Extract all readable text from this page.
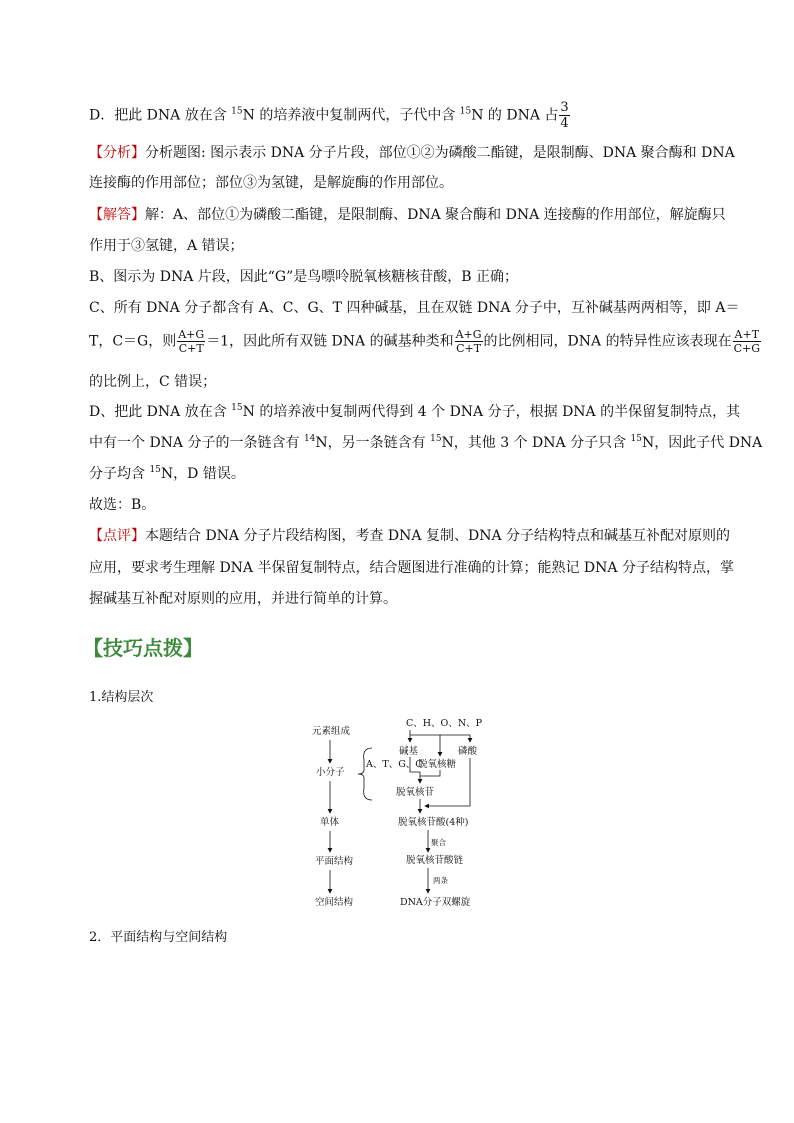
D．把此 DNA 放在含 $^{15}$N 的培养液中复制两代，子代中含 $^{15}$N 的 DNA 占 $\frac{3}{4}$
【分析】分析题图: 图示表示 DNA 分子片段，部位①②为磷酸二酯键，是限制酶、DNA 聚合酶和 DNA
连接酶的作用部位；部位③为氢键，是解旋酶的作用部位。
【解答】解：A、部位①为磷酸二酯键，是限制酶、DNA 聚合酶和 DNA 连接酶的作用部位，解旋酶只
作用于③氢键，A 错误；
B、图示为 DNA 片段，因此“G”是鸟嘌呤脱氧核糖核苷酸，B 正确；
C、所有 DNA 分子都含有 A、C、G、T 四种碱基，且在双链 DNA 分子中，互补碱基两两相等，即 A＝
T，C＝G，则 $\frac{A+G}{C+T} =1$，因此所有双链 DNA 的碱基种类和 $\frac{A+G}{C+T}$ 的比例相同，DNA 的特异性应该表现在 $\frac{A+T}{C+G}$
的比例上，C 错误；
D、把此 DNA 放在含 $^{15}$N 的培养液中复制两代得到 4 个 DNA 分子，根据 DNA 的半保留复制特点，其
中有一个 DNA 分子的一条链含有 $^{14}$N，另一条链含有 $^{15}$N，其他 3 个 DNA 分子只含 $^{15}$N，因此子代 DNA
分子均含 $^{15}$N，D 错误。
故选：B。
【点评】本题结合 DNA 分子片段结构图，考查 DNA 复制、DNA 分子结构特点和碱基互补配对原则的
应用，要求考生理解 DNA 半保留复制特点，结合题图进行准确的计算；能熟记 DNA 分子结构特点，掌
握碱基互补配对原则的应用，并进行简单的计算。
【技巧点拨】
1.结构层次
元素组成
小分子
单体
平面结构
空间结构
C、H、O、N、P
碱基	磷酸
A、T、G、C
脱氧核糖
脱氧核苷
脱氧核苷酸(4种)
聚合
脱氧核苷酸链
两条
DNA分子双螺旋
2．平面结构与空间结构
